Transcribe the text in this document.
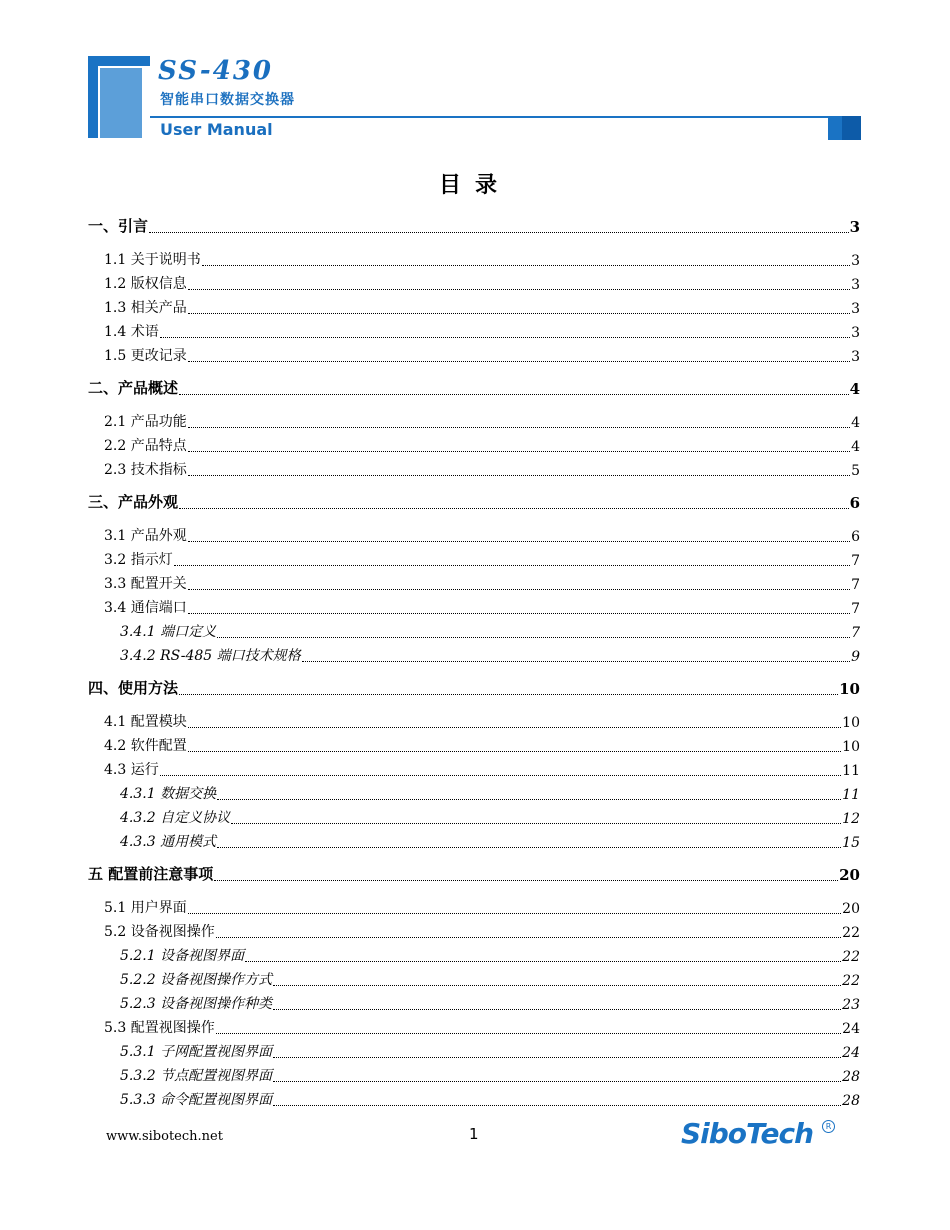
SS-430
智能串口数据交换器
User Manual
目录
一、引言	3
1.1 关于说明书	3
1.2 版权信息	3
1.3 相关产品	3
1.4 术语	3
1.5 更改记录	3
二、产品概述	4
2.1 产品功能	4
2.2 产品特点	4
2.3 技术指标	5
三、产品外观	6
3.1 产品外观	6
3.2 指示灯	7
3.3 配置开关	7
3.4 通信端口	7
3.4.1 端口定义	7
3.4.2 RS-485 端口技术规格	9
四、使用方法	10
4.1 配置模块	10
4.2 软件配置	10
4.3 运行	11
4.3.1 数据交换	11
4.3.2 自定义协议	12
4.3.3 通用模式	15
五 配置前注意事项	20
5.1 用户界面	20
5.2 设备视图操作	22
5.2.1 设备视图界面	22
5.2.2 设备视图操作方式	22
5.2.3 设备视图操作种类	23
5.3 配置视图操作	24
5.3.1 子网配置视图界面	24
5.3.2 节点配置视图界面	28
5.3.3 命令配置视图界面	28
www.sibotech.net	1	SiboTech	R
